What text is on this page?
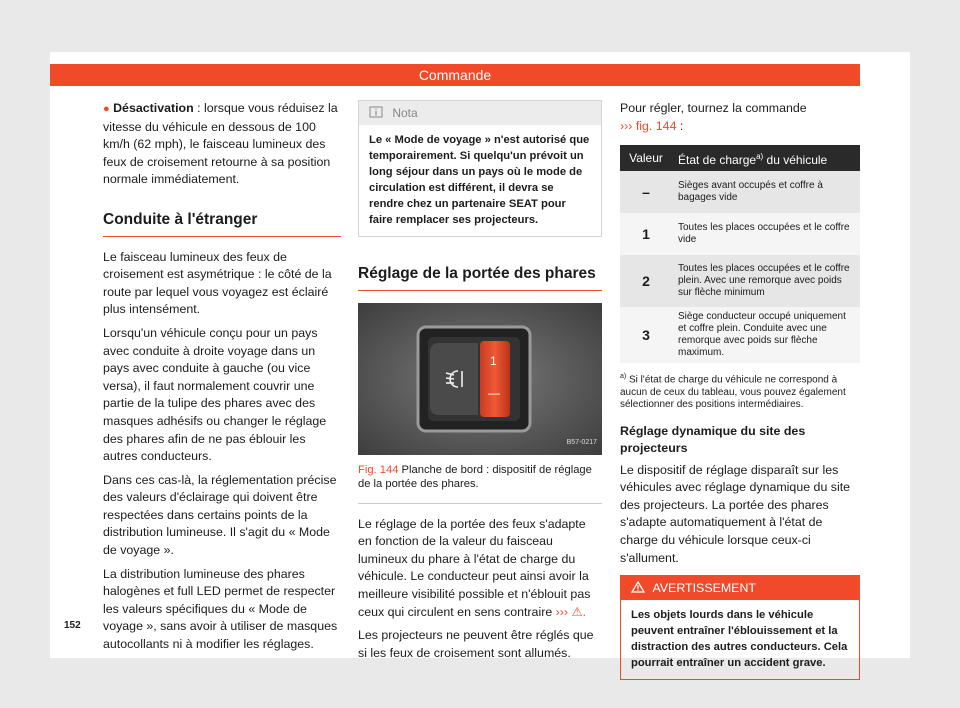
Commande

● Désactivation : lorsque vous réduisez la vitesse du véhicule en dessous de 100 km/h (62 mph), le faisceau lumineux des feux de croisement retourne à sa position normale immédiatement.

Conduite à l'étranger

Le faisceau lumineux des feux de croisement est asymétrique : le côté de la route par lequel vous voyagez est éclairé plus intensément.

Lorsqu'un véhicule conçu pour un pays avec conduite à droite voyage dans un pays avec conduite à gauche (ou vice versa), il faut normalement couvrir une partie de la tulipe des phares avec des masques adhésifs ou changer le réglage des phares afin de ne pas éblouir les autres conducteurs.

Dans ces cas-là, la réglementation précise des valeurs d'éclairage qui doivent être respectées dans certains points de la distribution lumineuse. Il s'agit du « Mode de voyage ».

La distribution lumineuse des phares halogènes et full LED permet de respecter les valeurs spécifiques du « Mode de voyage », sans avoir à utiliser de masques autocollants ni à modifier les réglages.

Nota
Le « Mode de voyage » n'est autorisé que temporairement. Si quelqu'un prévoit un long séjour dans un pays où le mode de circulation est différent, il devra se rendre chez un partenaire SEAT pour faire remplacer ses projecteurs.
Réglage de la portée des phares
1
—
B57-0217
Fig. 144 Planche de bord : dispositif de réglage de la portée des phares.

Le réglage de la portée des feux s'adapte en fonction de la valeur du faisceau lumineux du phare à l'état de charge du véhicule. Le conducteur peut ainsi avoir la meilleure visibilité possible et n'éblouit pas ceux qui circulent en sens contraire ››› ⚠.

Les projecteurs ne peuvent être réglés que si les feux de croisement sont allumés.

Pour régler, tournez la commande
››› fig. 144 :

Valeur	État de charge$^{a)}$ du véhicule
–	Sièges avant occupés et coffre à bagages vide
1	Toutes les places occupées et le coffre vide
2	Toutes les places occupées et le coffre plein. Avec une remorque avec poids sur flèche minimum
3	Siège conducteur occupé uniquement et coffre plein. Conduite avec une remorque avec poids sur flèche maximum.
$^{a)}$ Si l'état de charge du véhicule ne correspond à aucun de ceux du tableau, vous pouvez également sélectionner des positions intermédiaires.
Réglage dynamique du site des projecteurs

Le dispositif de réglage disparaît sur les véhicules avec réglage dynamique du site des projecteurs. La portée des phares s'adapte automatiquement à l'état de charge du véhicule lorsque ceux-ci s'allument.

AVERTISSEMENT
Les objets lourds dans le véhicule peuvent entraîner l'éblouissement et la distraction des autres conducteurs. Cela pourrait entraîner un accident grave.
152
